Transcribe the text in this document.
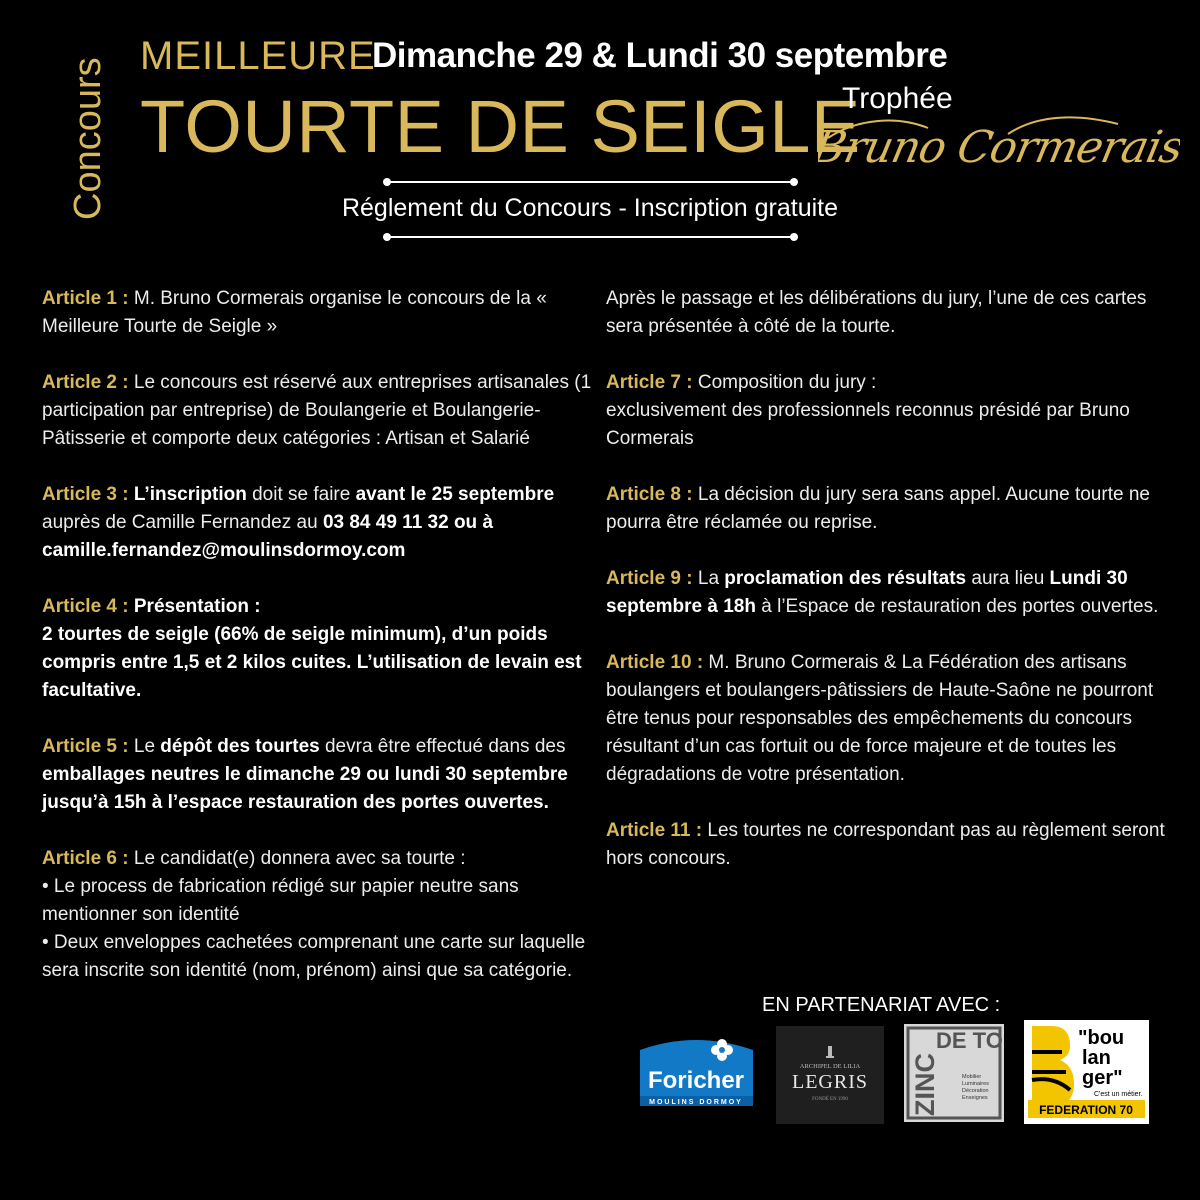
Concours
MEILLEURE
Dimanche 29 & Lundi 30 septembre
TOURTE DE SEIGLE
Trophée
Bruno Cormerais
Réglement du Concours - Inscription gratuite

Article 1 : M. Bruno Cormerais organise le concours de la « Meilleure Tourte de Seigle »

Article 2 : Le concours est réservé aux entreprises artisanales (1 participation par entreprise) de Boulangerie et Boulangerie-Pâtisserie et comporte deux catégories : Artisan et Salarié

Article 3 : L’inscription doit se faire avant le 25 septembre auprès de Camille Fernandez au 03 84 49 11 32 ou à camille.fernandez@moulinsdormoy.com

Article 4 : Présentation :
2 tourtes de seigle (66% de seigle minimum), d’un poids compris entre 1,5 et 2 kilos cuites. L’utilisation de levain est facultative.

Article 5 : Le dépôt des tourtes devra être effectué dans des emballages neutres le dimanche 29 ou lundi 30 septembre jusqu’à 15h à l’espace restauration des portes ouvertes.

Article 6 : Le candidat(e) donnera avec sa tourte :
• Le process de fabrication rédigé sur papier neutre sans mentionner son identité
• Deux enveloppes cachetées comprenant une carte sur laquelle sera inscrite son identité (nom, prénom) ainsi que sa catégorie.

Après le passage et les délibérations du jury, l’une de ces cartes sera présentée à côté de la tourte.

Article 7 : Composition du jury :
exclusivement des professionnels reconnus présidé par Bruno Cormerais

Article 8 : La décision du jury sera sans appel. Aucune tourte ne pourra être réclamée ou reprise.

Article 9 : La proclamation des résultats aura lieu Lundi 30 septembre à 18h à l’Espace de restauration des portes ouvertes.

Article 10 : M. Bruno Cormerais & La Fédération des artisans boulangers et boulangers-pâtissiers de Haute-Saône ne pourront être tenus pour responsables des empêchements du concours résultant d’un cas fortuit ou de force majeure et de toutes les dégradations de votre présentation.

Article 11 : Les tourtes ne correspondant pas au règlement seront hors concours.

EN PARTENARIAT AVEC :
Foricher
MOULINS DORMOY
ARCHIPEL DE LILIA
LEGRIS
FONDÉ EN 1990 ZINC
DE TOI
Mobilier
Luminaires
Décoration
Enseignes
"bou
lan
ger"
C'est un métier.
FEDERATION 70
